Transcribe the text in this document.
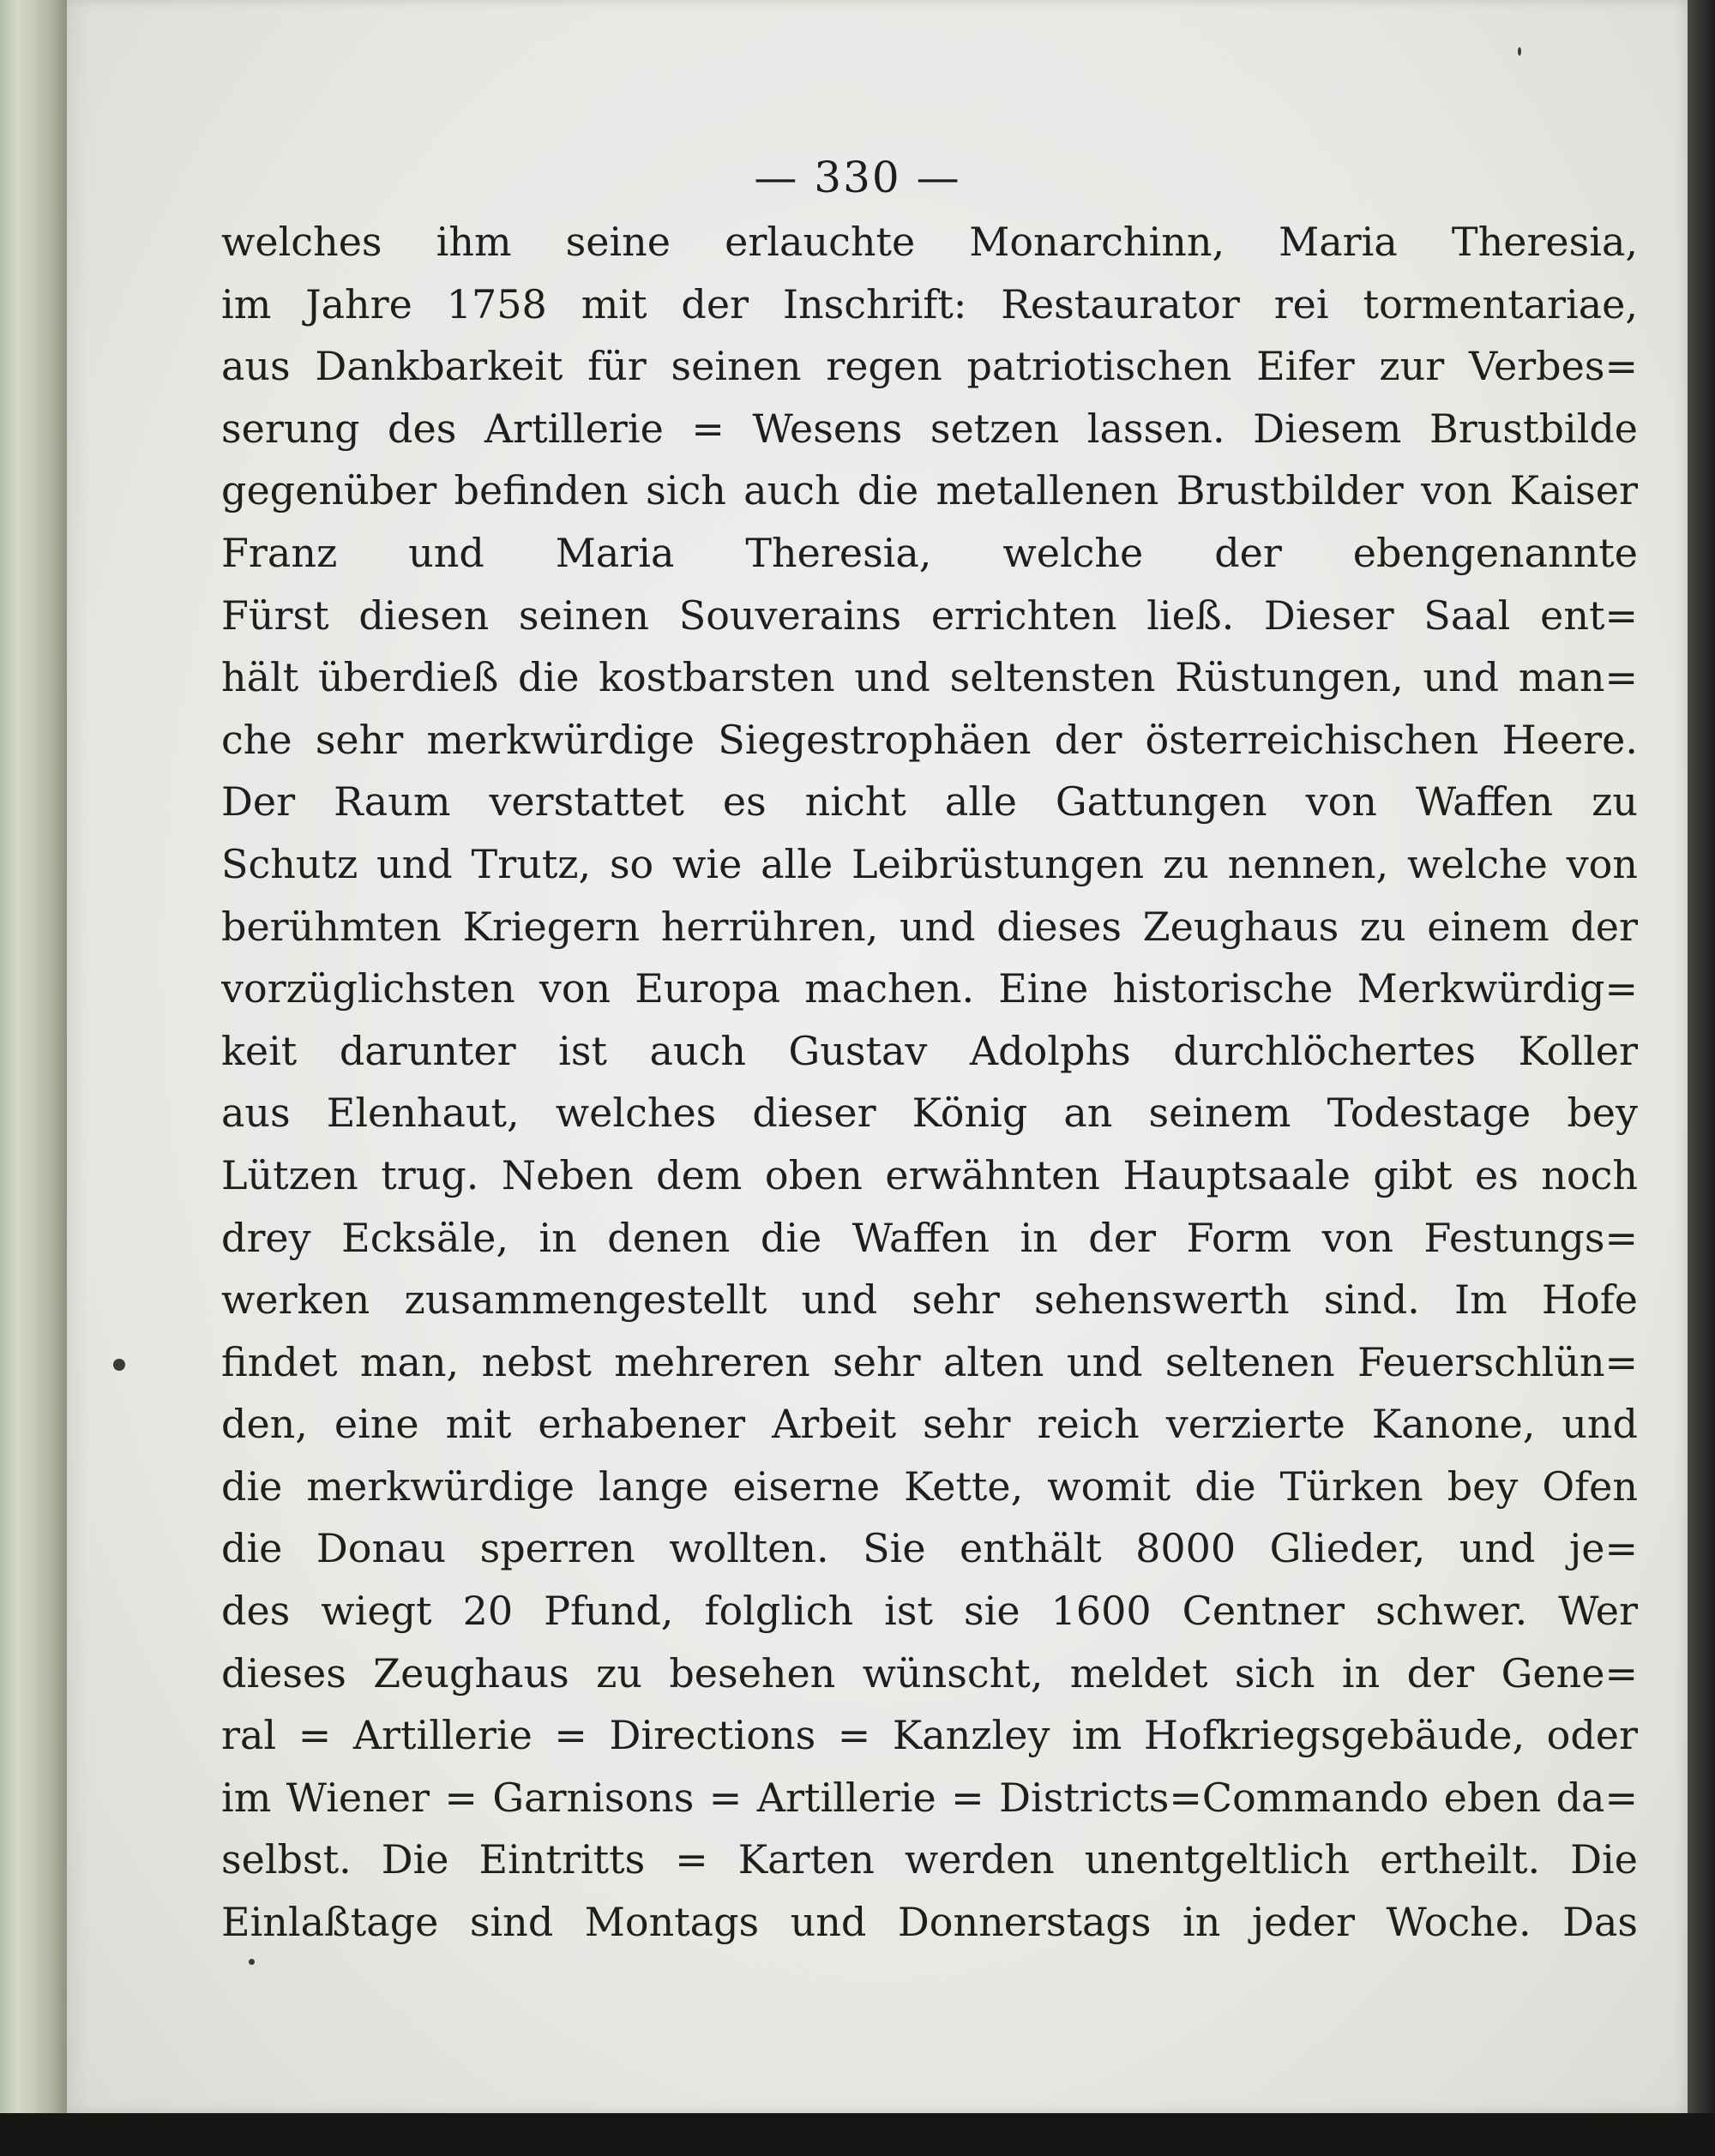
— 330 —
welches ihm seine erlauchte Monarchinn, Maria Theresia,
im Jahre 1758 mit der Inschrift: Restaurator rei tormentariae,
aus Dankbarkeit für seinen regen patriotischen Eifer zur Verbes=
serung des Artillerie = Wesens setzen lassen. Diesem Brustbilde
gegenüber befinden sich auch die metallenen Brustbilder von Kaiser
Franz und Maria Theresia, welche der ebengenannte
Fürst diesen seinen Souverains errichten ließ. Dieser Saal ent=
hält überdieß die kostbarsten und seltensten Rüstungen, und man=
che sehr merkwürdige Siegestrophäen der österreichischen Heere.
Der Raum verstattet es nicht alle Gattungen von Waffen zu
Schutz und Trutz, so wie alle Leibrüstungen zu nennen, welche von
berühmten Kriegern herrühren, und dieses Zeughaus zu einem der
vorzüglichsten von Europa machen. Eine historische Merkwürdig=
keit darunter ist auch Gustav Adolphs durchlöchertes Koller
aus Elenhaut, welches dieser König an seinem Todestage bey
Lützen trug. Neben dem oben erwähnten Hauptsaale gibt es noch
drey Ecksäle, in denen die Waffen in der Form von Festungs=
werken zusammengestellt und sehr sehenswerth sind. Im Hofe
findet man, nebst mehreren sehr alten und seltenen Feuerschlün=
den, eine mit erhabener Arbeit sehr reich verzierte Kanone, und
die merkwürdige lange eiserne Kette, womit die Türken bey Ofen
die Donau sperren wollten. Sie enthält 8000 Glieder, und je=
des wiegt 20 Pfund, folglich ist sie 1600 Centner schwer. Wer
dieses Zeughaus zu besehen wünscht, meldet sich in der Gene=
ral = Artillerie = Directions = Kanzley im Hofkriegsgebäude, oder
im Wiener = Garnisons = Artillerie = Districts=Commando eben da=
selbst. Die Eintritts = Karten werden unentgeltlich ertheilt. Die
Einlaßtage sind Montags und Donnerstags in jeder Woche. Das
